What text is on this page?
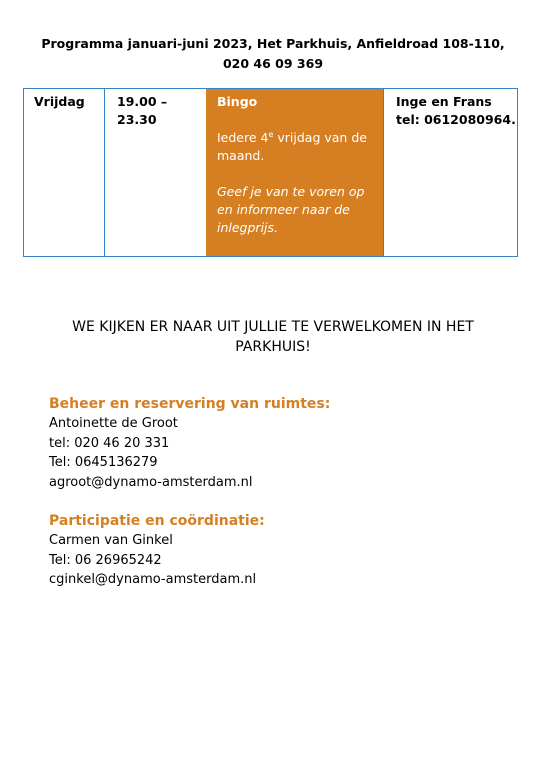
Programma januari-juni 2023, Het Parkhuis, Anfieldroad 108-110,
020 46 09 369
Vrijdag	19.00 – 23.30
Bingo
Iedere 4e vrijdag van de maand.
Geef je van te voren op en informeer naar de inlegprijs.
Inge en Frans
tel: 0612080964.
WE KIJKEN ER NAAR UIT JULLIE TE VERWELKOMEN IN HET
PARKHUIS!
Beheer en reservering van ruimtes:
Antoinette de Groot
tel: 020 46 20 331
Tel: 0645136279
agroot@dynamo-amsterdam.nl
Participatie en coördinatie:
Carmen van Ginkel
Tel: 06 26965242
cginkel@dynamo-amsterdam.nl
